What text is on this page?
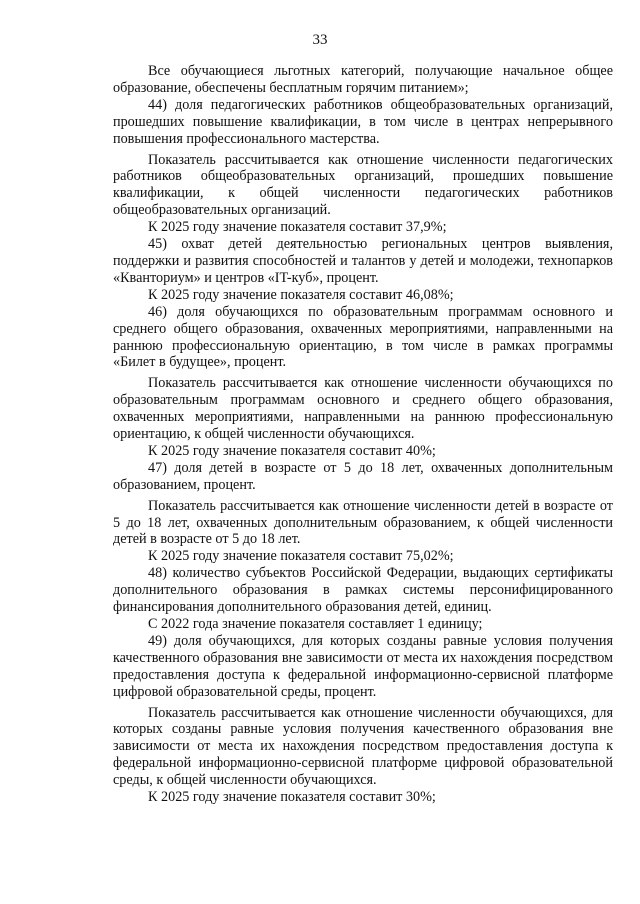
33

Все обучающиеся льготных категорий, получающие начальное общее образование, обеспечены бесплатным горячим питанием»;

44) доля педагогических работников общеобразовательных организаций, прошедших повышение квалификации, в том числе в центрах непрерывного повышения профессионального мастерства.

Показатель рассчитывается как отношение численности педагогических работников общеобразовательных организаций, прошедших повышение квалификации, к общей численности педагогических работников общеобразовательных организаций.

К 2025 году значение показателя составит 37,9%;

45) охват детей деятельностью региональных центров выявления, поддержки и развития способностей и талантов у детей и молодежи, технопарков «Кванториум» и центров «IT-куб», процент.

К 2025 году значение показателя составит 46,08%;

46) доля обучающихся по образовательным программам основного и среднего общего образования, охваченных мероприятиями, направленными на раннюю профессиональную ориентацию, в том числе в рамках программы «Билет в будущее», процент.

Показатель рассчитывается как отношение численности обучающихся по образовательным программам основного и среднего общего образования, охваченных мероприятиями, направленными на раннюю профессиональную ориентацию, к общей численности обучающихся.

К 2025 году значение показателя составит 40%;

47) доля детей в возрасте от 5 до 18 лет, охваченных дополнительным образованием, процент.

Показатель рассчитывается как отношение численности детей в возрасте от 5 до 18 лет, охваченных дополнительным образованием, к общей численности детей в возрасте от 5 до 18 лет.

К 2025 году значение показателя составит 75,02%;

48) количество субъектов Российской Федерации, выдающих сертификаты дополнительного образования в рамках системы персонифицированного финансирования дополнительного образования детей, единиц.

С 2022 года значение показателя составляет 1 единицу;

49) доля обучающихся, для которых созданы равные условия получения качественного образования вне зависимости от места их нахождения посредством предоставления доступа к федеральной информационно-сервисной платформе цифровой образовательной среды, процент.

Показатель рассчитывается как отношение численности обучающихся, для которых созданы равные условия получения качественного образования вне зависимости от места их нахождения посредством предоставления доступа к федеральной информационно-сервисной платформе цифровой образовательной среды, к общей численности обучающихся.

К 2025 году значение показателя составит 30%;
